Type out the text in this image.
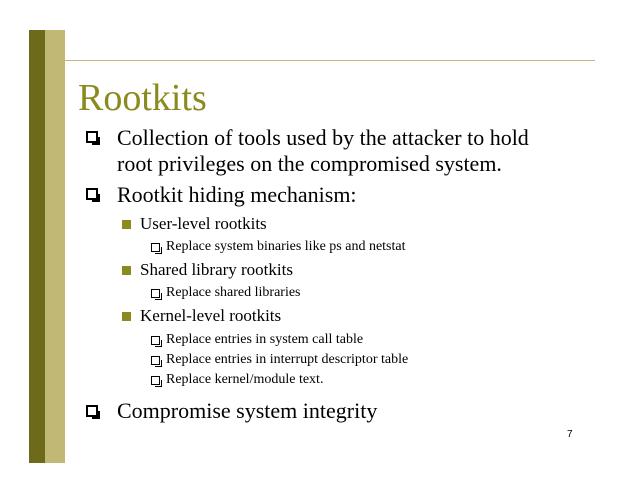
Rootkits
Collection of tools used by the attacker to hold
root privileges on the compromised system.
Rootkit hiding mechanism:
User-level rootkits
Replace system binaries like ps and netstat
Shared library rootkits
Replace shared libraries
Kernel-level rootkits
Replace entries in system call table
Replace entries in interrupt descriptor table
Replace kernel/module text.
Compromise system integrity
7
